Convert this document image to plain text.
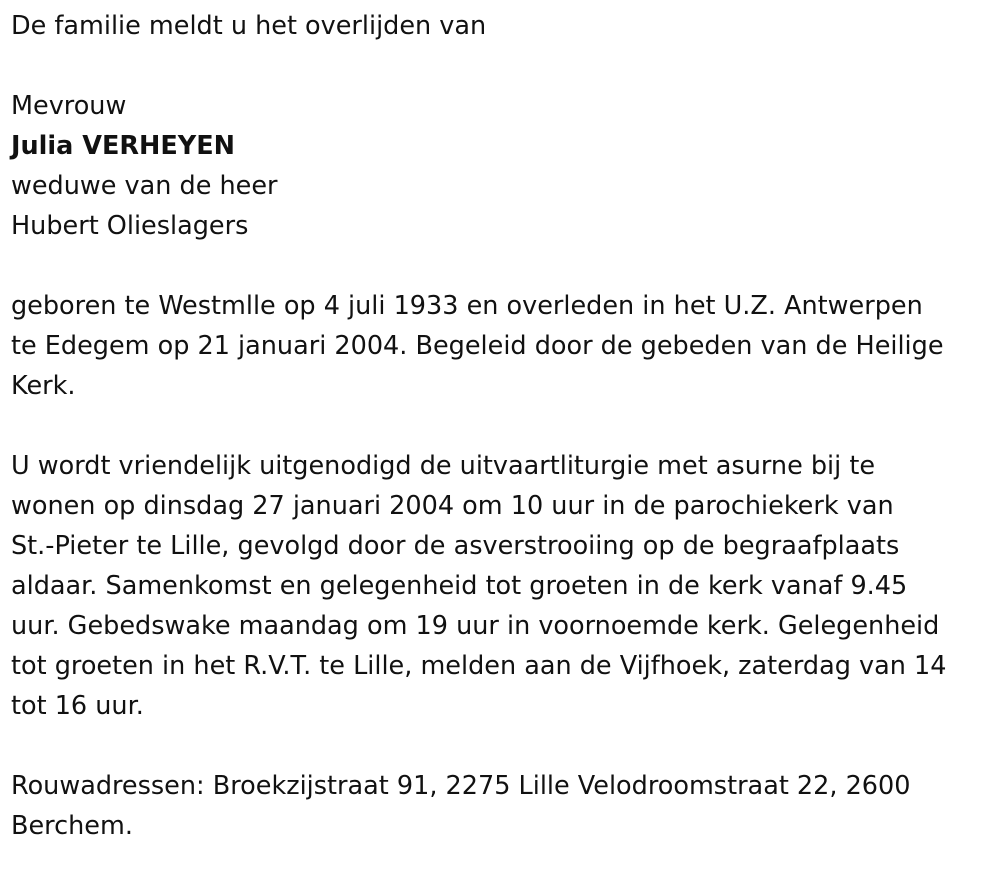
De familie meldt u het overlijden van
Mevrouw
Julia VERHEYEN
weduwe van de heer
Hubert Olieslagers
geboren te Westmlle op 4 juli 1933 en overleden in het U.Z. Antwerpen
te Edegem op 21 januari 2004. Begeleid door de gebeden van de Heilige
Kerk.
U wordt vriendelijk uitgenodigd de uitvaartliturgie met asurne bij te
wonen op dinsdag 27 januari 2004 om 10 uur in de parochiekerk van
St.-Pieter te Lille, gevolgd door de asverstrooiing op de begraafplaats
aldaar. Samenkomst en gelegenheid tot groeten in de kerk vanaf 9.45
uur. Gebedswake maandag om 19 uur in voornoemde kerk. Gelegenheid
tot groeten in het R.V.T. te Lille, melden aan de Vijfhoek, zaterdag van 14
tot 16 uur.
Rouwadressen: Broekzijstraat 91, 2275 Lille Velodroomstraat 22, 2600
Berchem.
